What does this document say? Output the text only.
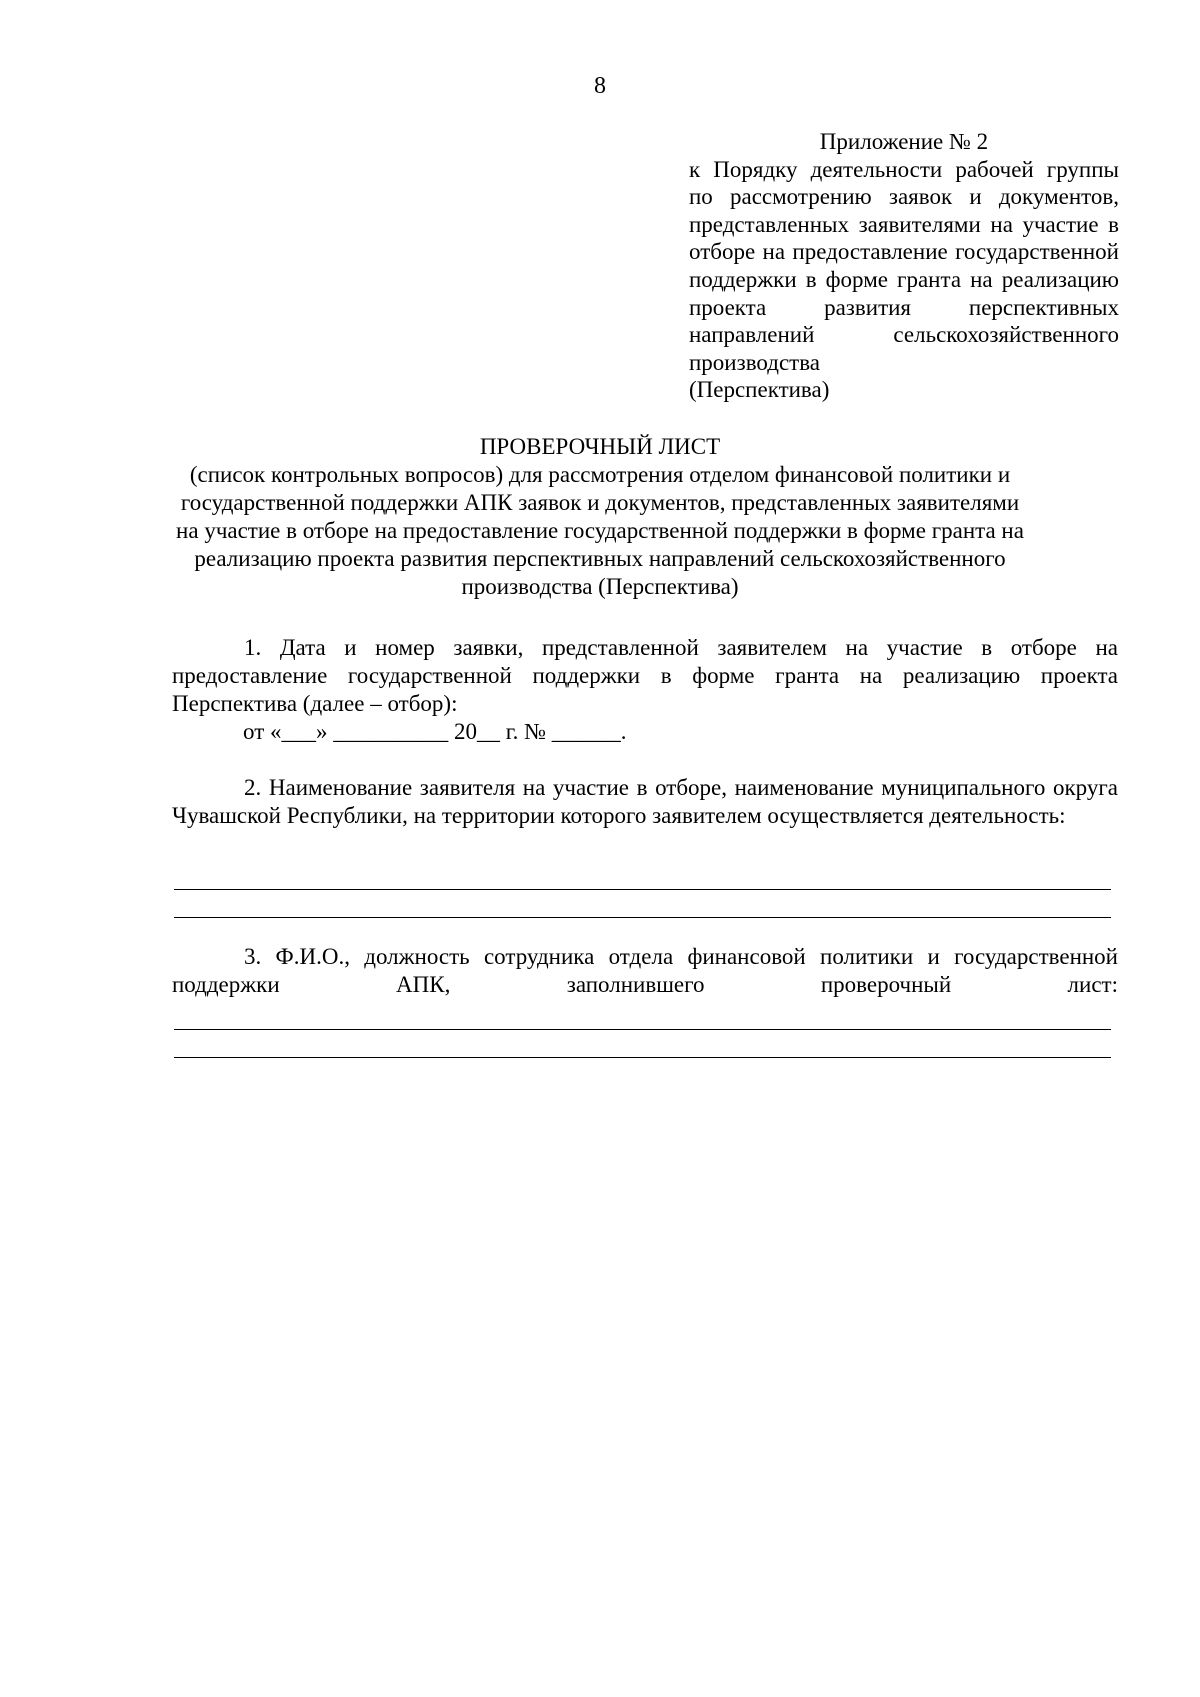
8
Приложение № 2
к Порядку деятельности рабочей группы по рассмотрению заявок и документов, представленных заявителями на участие в отборе на предоставление государственной поддержки в форме гранта на реализацию проекта развития перспективных направлений сельскохозяйственного производства
(Перспектива)
ПРОВЕРОЧНЫЙ ЛИСТ
(список контрольных вопросов) для рассмотрения отделом финансовой политики и государственной поддержки АПК заявок и документов, представленных заявителями на участие в отборе на предоставление государственной поддержки в форме гранта на реализацию проекта развития перспективных направлений сельскохозяйственного производства (Перспектива)
1. Дата и номер заявки, представленной заявителем на участие в отборе на предоставление государственной поддержки в форме гранта на реализацию проекта Перспектива (далее – отбор):
от «___» __________ 20__ г. № ______.
2. Наименование заявителя на участие в отборе, наименование муниципального округа Чувашской Республики, на территории которого заявителем осуществляется деятельность:
3. Ф.И.О., должность сотрудника отдела финансовой политики и государственной поддержки АПК, заполнившего проверочный лист:
